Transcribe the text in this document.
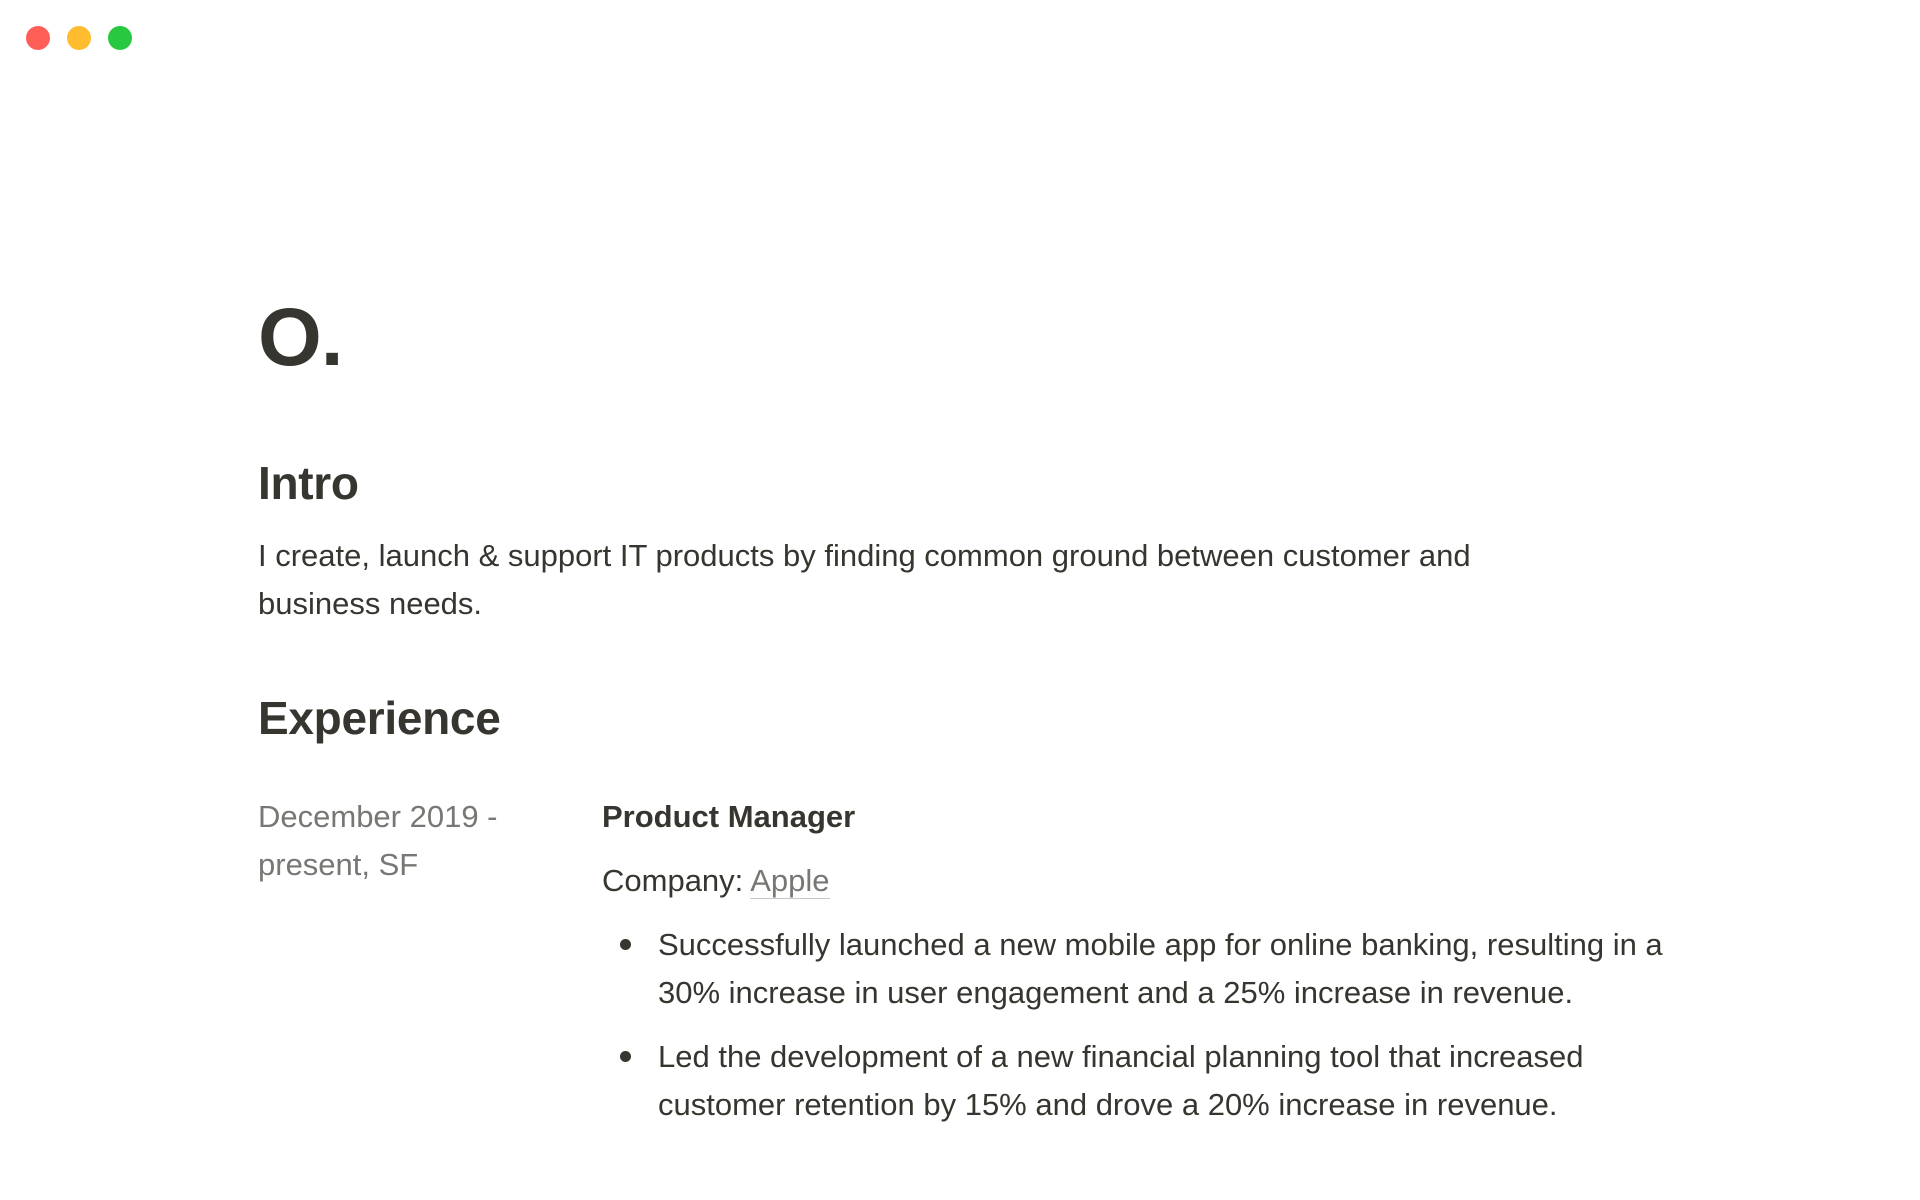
O.
Intro

I create, launch & support IT products by finding common ground between customer and business needs.

Experience

December 2019 - present, SF

Product Manager

Company: Apple

Successfully launched a new mobile app for online banking, resulting in a 30% increase in user engagement and a 25% increase in revenue.
Led the development of a new financial planning tool that increased customer retention by 15% and drove a 20% increase in revenue.
